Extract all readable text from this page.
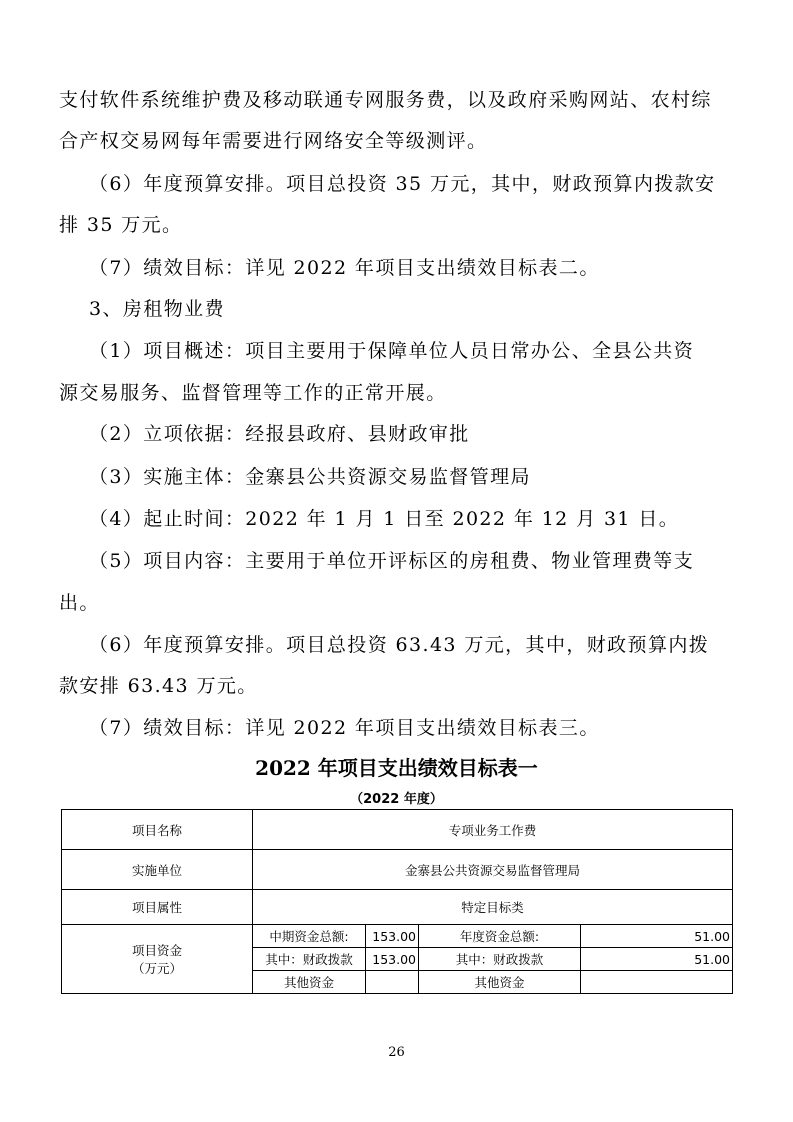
支付软件系统维护费及移动联通专网服务费，以及政府采购网站、农村综
合产权交易网每年需要进行网络安全等级测评。
（6）年度预算安排。项目总投资 35 万元，其中，财政预算内拨款安
排 35 万元。
（7）绩效目标：详见 2022 年项目支出绩效目标表二。
3、房租物业费
（1）项目概述：项目主要用于保障单位人员日常办公、全县公共资
源交易服务、监督管理等工作的正常开展。
（2）立项依据：经报县政府、县财政审批
（3）实施主体：金寨县公共资源交易监督管理局
（4）起止时间：2022 年 1 月 1 日至 2022 年 12 月 31 日。
（5）项目内容：主要用于单位开评标区的房租费、物业管理费等支
出。
（6）年度预算安排。项目总投资 63.43 万元，其中，财政预算内拨
款安排 63.43 万元。
（7）绩效目标：详见 2022 年项目支出绩效目标表三。
2022 年项目支出绩效目标表一
（2022 年度）
项目名称	专项业务工作费			
实施单位	金寨县公共资源交易监督管理局			
项目属性	特定目标类			

项目资金
（万元）	中期资金总额:	153.00	年度资金总额:	51.00
	其中：财政拨款	153.00	其中：财政拨款	51.00
	其他资金		其他资金	
26
